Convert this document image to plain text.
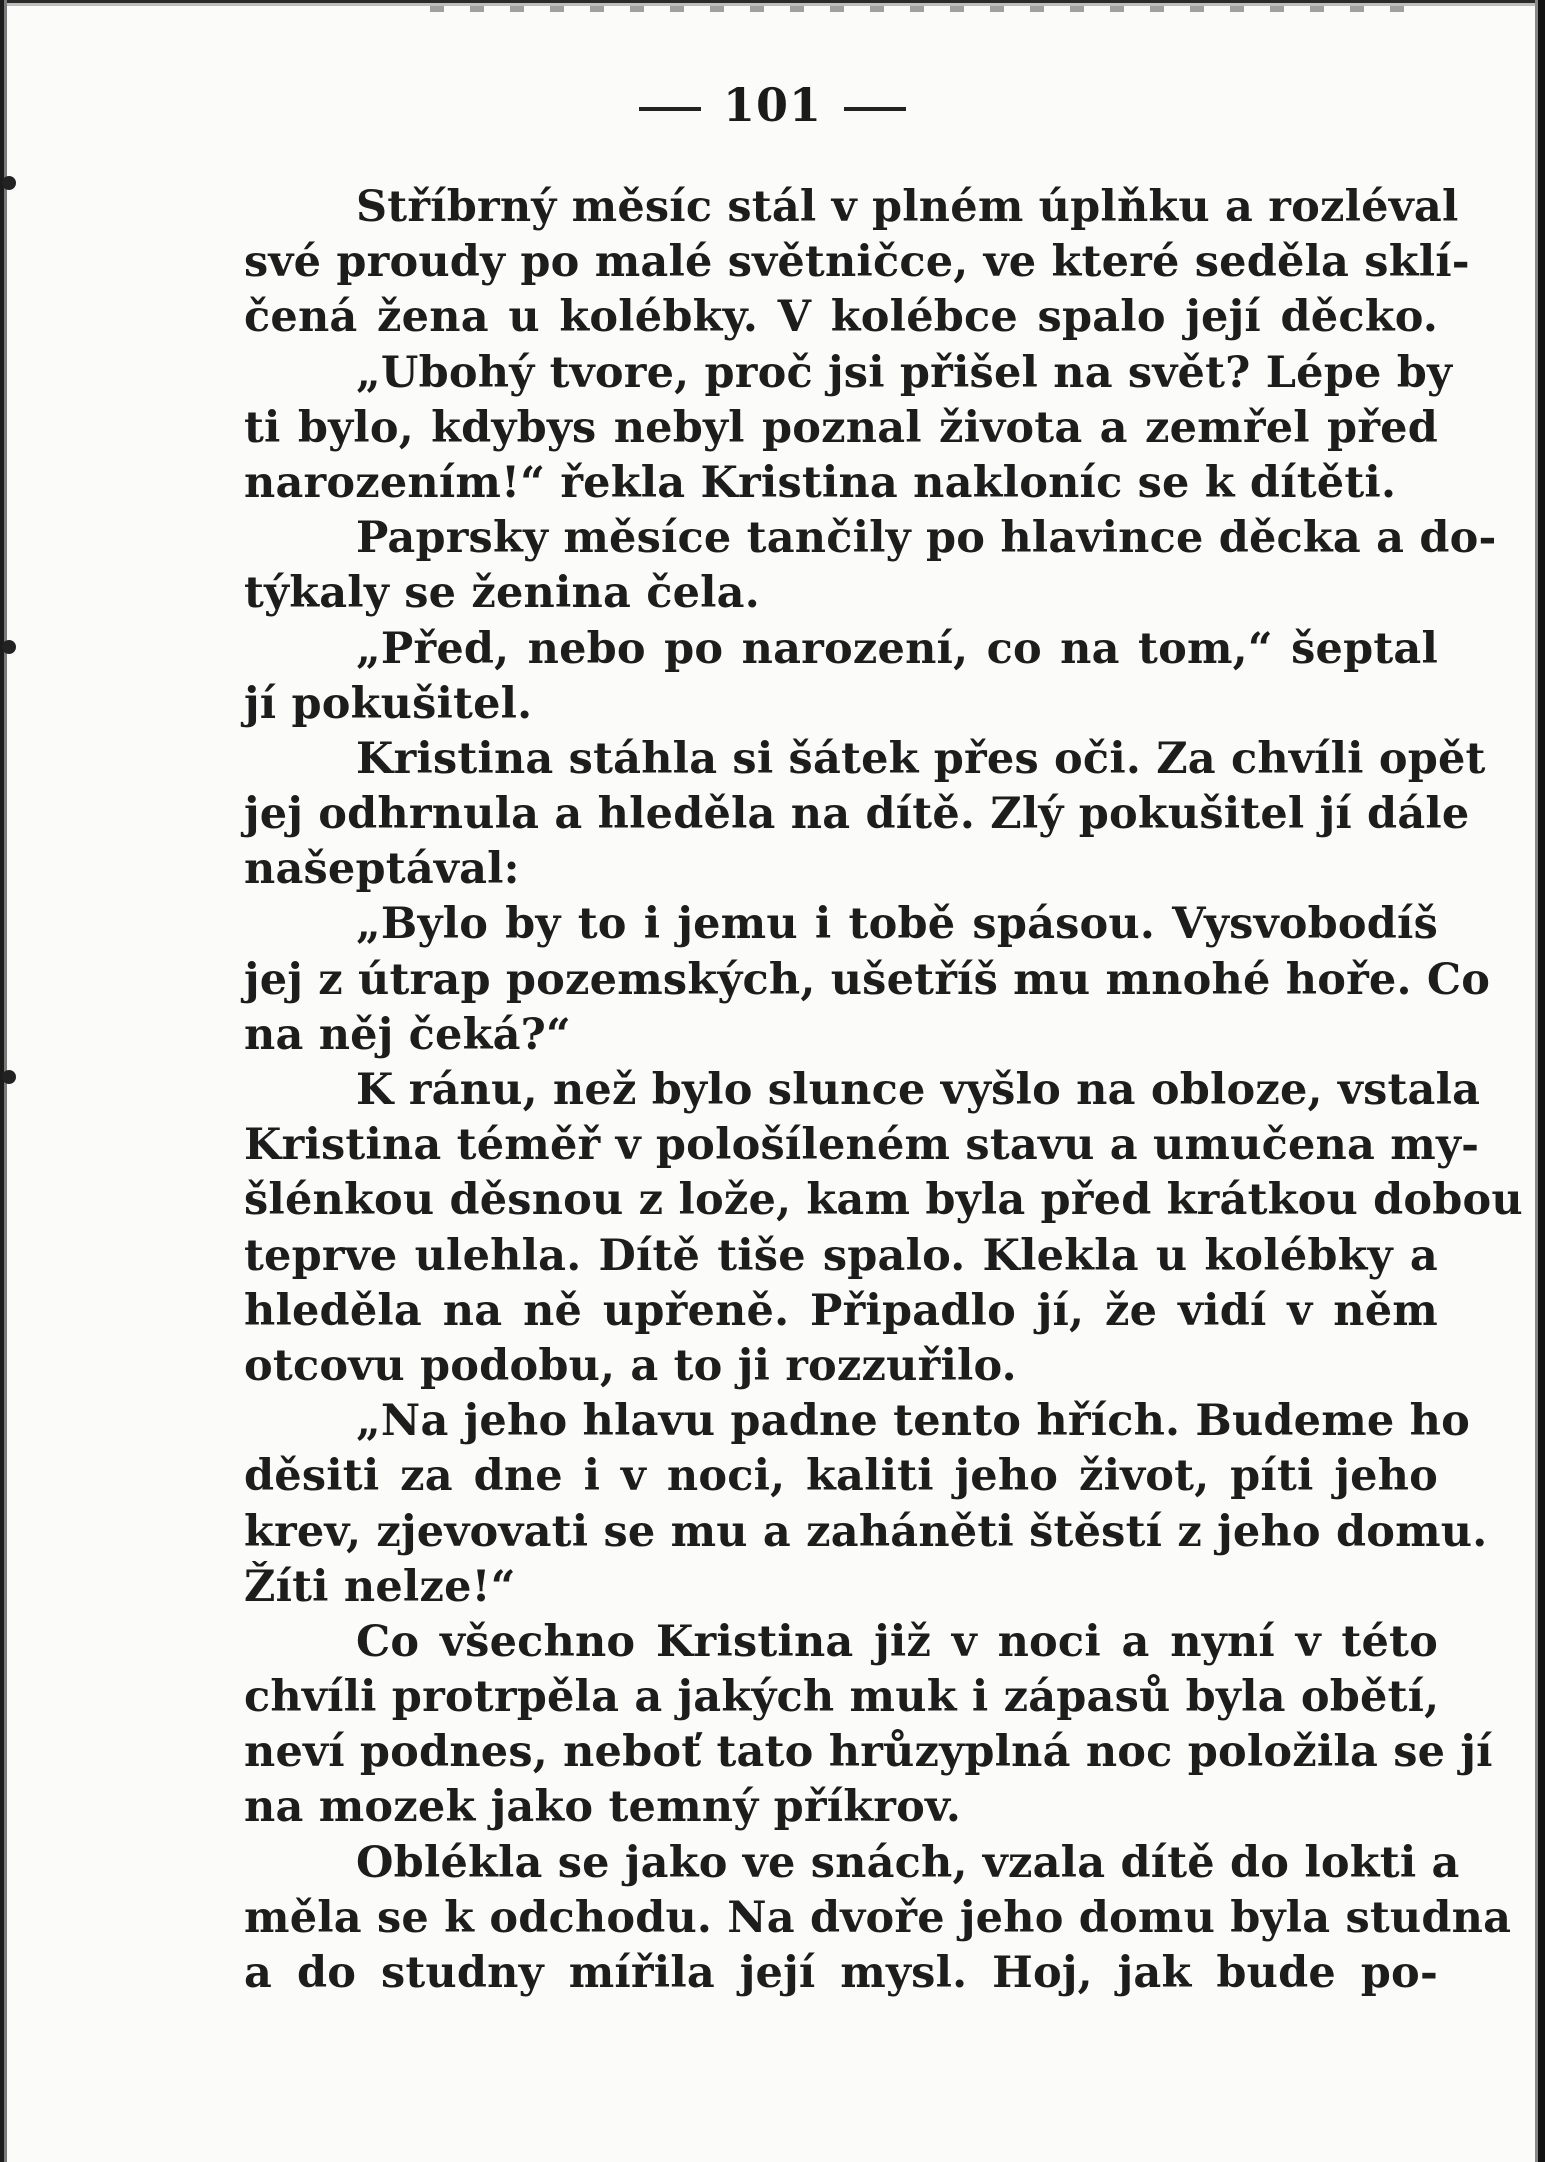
101
Stříbrný měsíc stál v plném úplňku a rozléval
své proudy po malé světničce, ve které seděla sklí-
čená žena u kolébky. V kolébce spalo její děcko.
„Ubohý tvore, proč jsi přišel na svět? Lépe by
ti bylo, kdybys nebyl poznal života a zemřel před
narozením!“ řekla Kristina nakloníc se k dítěti.
Paprsky měsíce tančily po hlavince děcka a do-
týkaly se ženina čela.
„Před, nebo po narození, co na tom,“ šeptal
jí pokušitel.
Kristina stáhla si šátek přes oči. Za chvíli opět
jej odhrnula a hleděla na dítě. Zlý pokušitel jí dále
našeptával:
„Bylo by to i jemu i tobě spásou. Vysvobodíš
jej z útrap pozemských, ušetříš mu mnohé hoře. Co
na něj čeká?“
K ránu, než bylo slunce vyšlo na obloze, vstala
Kristina téměř v pološíleném stavu a umučena my-
šlénkou děsnou z lože, kam byla před krátkou dobou
teprve ulehla. Dítě tiše spalo. Klekla u kolébky a
hleděla na ně upřeně. Připadlo jí, že vidí v něm
otcovu podobu, a to ji rozzuřilo.
„Na jeho hlavu padne tento hřích. Budeme ho
děsiti za dne i v noci, kaliti jeho život, píti jeho
krev, zjevovati se mu a zaháněti štěstí z jeho domu.
Žíti nelze!“
Co všechno Kristina již v noci a nyní v této
chvíli protrpěla a jakých muk i zápasů byla obětí,
neví podnes, neboť tato hrůzyplná noc položila se jí
na mozek jako temný příkrov.
Oblékla se jako ve snách, vzala dítě do lokti a
měla se k odchodu. Na dvoře jeho domu byla studna
a do studny mířila její mysl. Hoj, jak bude po-
